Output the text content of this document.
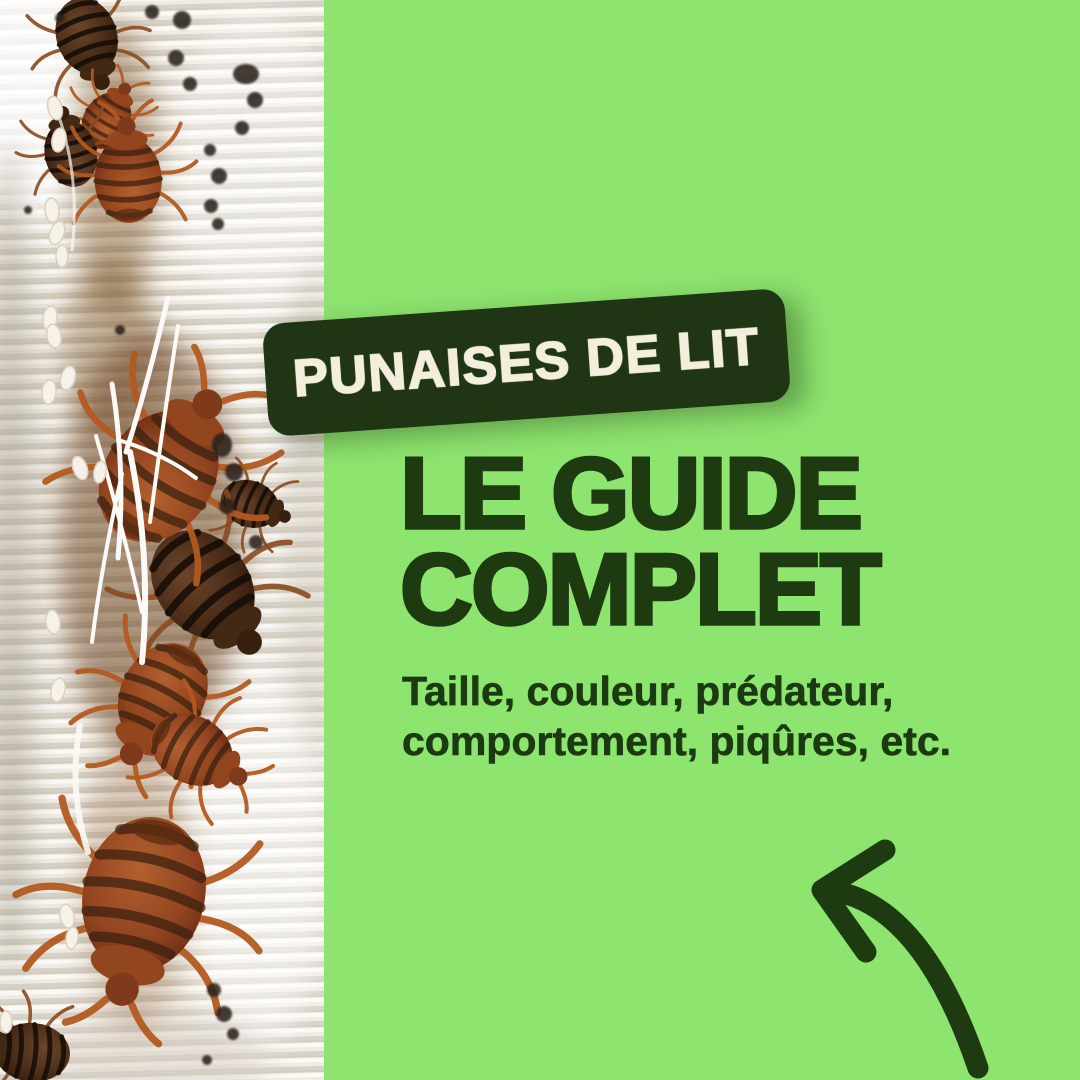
PUNAISES DE LIT
LE GUIDE
COMPLET

Taille, couleur, prédateur,
comportement, piqûres, etc.
